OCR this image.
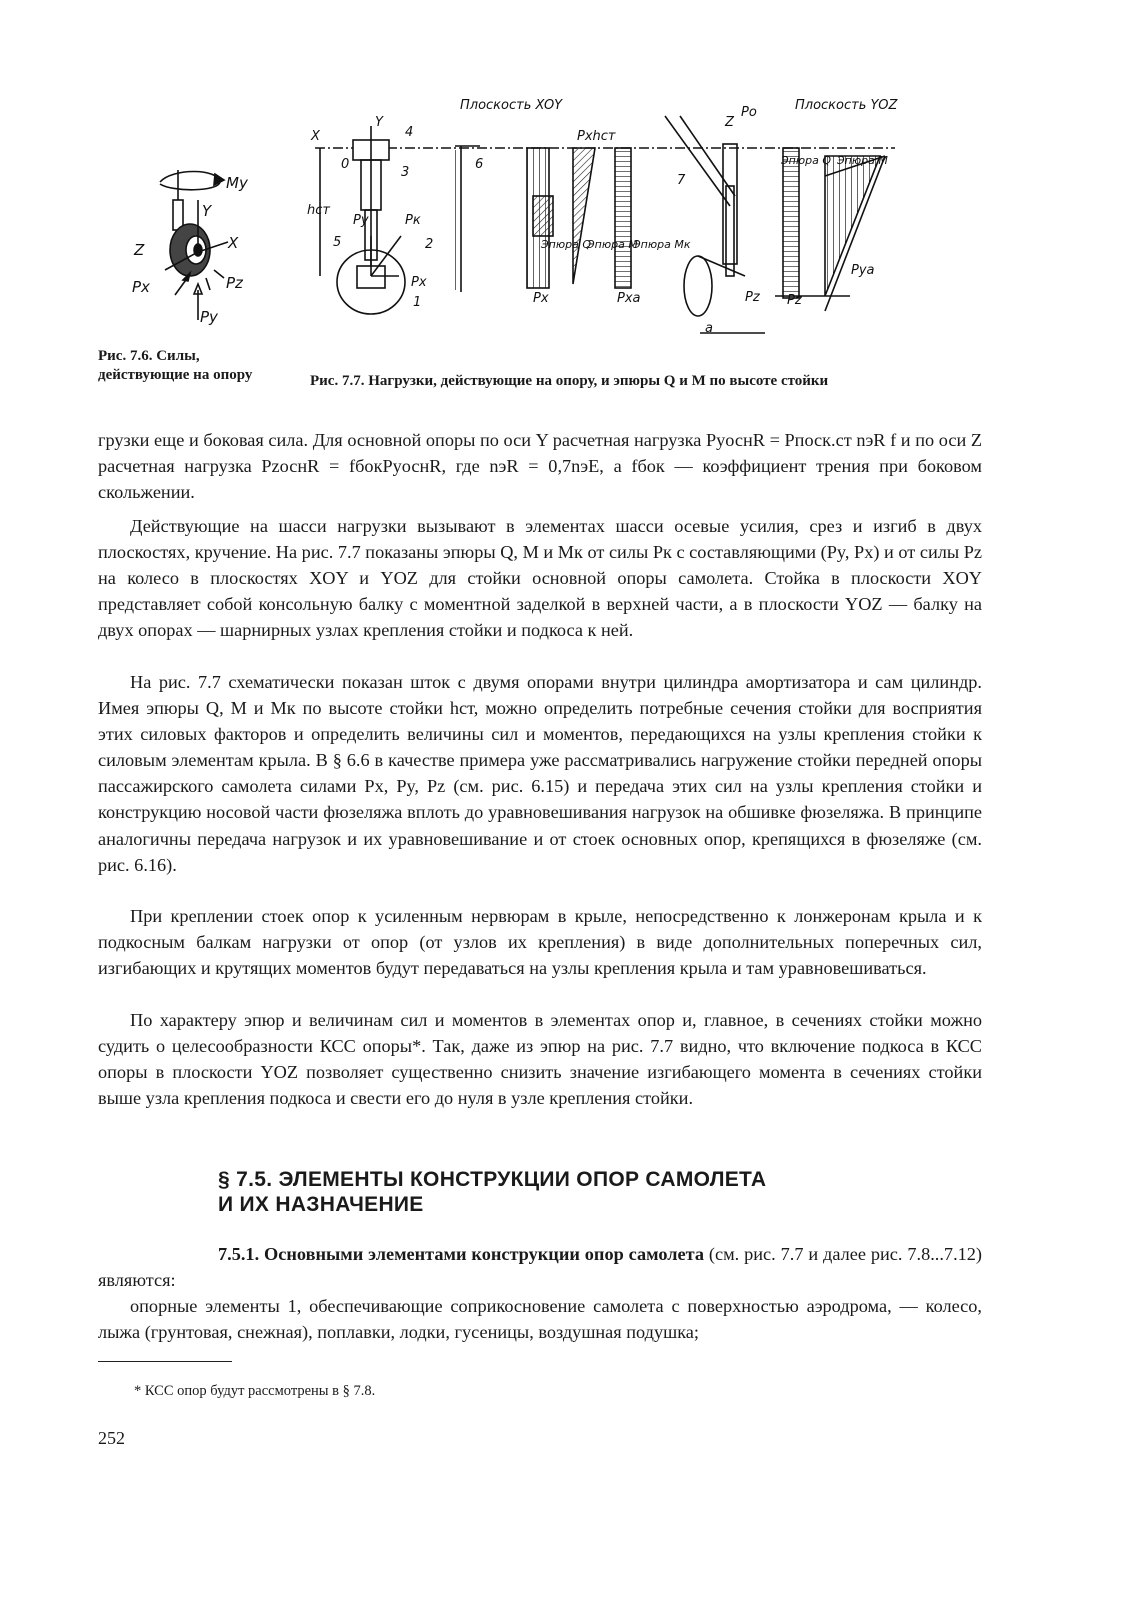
My
Y
Z	X
Px	Pz
Py
Рис. 7.6. Силы, действующие на опору
Плоскость XOY	Плоскость YOZ
X
Y	Z
0
hст
Pxhст
1
2
3
4
5
6
7
Py	Pк
Px
Pz
Po
a
Эпюра Q
Эпюра M
Эпюра Mк
Эпюра Q Эпюра M
Pxa
Pya
Pz
Px
Рис. 7.7. Нагрузки, действующие на опору, и эпюры Q и M по высоте стойки
грузки еще и боковая сила. Для основной опоры по оси Y расчетная нагрузка PyоснR = Pпоск.ст nэR f и по оси Z расчетная нагрузка PzоснR = fбокPyоснR, где nэR = 0,7nэE, а fбок — коэффициент трения при боковом скольжении.
Действующие на шасси нагрузки вызывают в элементах шасси осевые усилия, срез и изгиб в двух плоскостях, кручение. На рис. 7.7 показаны эпюры Q, M и Mк от силы Pк с составляющими (Py, Px) и от силы Pz на колесо в плоскостях XOY и YOZ для стойки основной опоры самолета. Стойка в плоскости XOY представляет собой консольную балку с моментной заделкой в верхней части, а в плоскости YOZ — балку на двух опорах — шарнирных узлах крепления стойки и подкоса к ней.
На рис. 7.7 схематически показан шток с двумя опорами внутри цилиндра амортизатора и сам цилиндр. Имея эпюры Q, M и Mк по высоте стойки hст, можно определить потребные сечения стойки для восприятия этих силовых факторов и определить величины сил и моментов, передающихся на узлы крепления стойки к силовым элементам крыла. В § 6.6 в качестве примера уже рассматривались нагружение стойки передней опоры пассажирского самолета силами Px, Py, Pz (см. рис. 6.15) и передача этих сил на узлы крепления стойки и конструкцию носовой части фюзеляжа вплоть до уравновешивания нагрузок на обшивке фюзеляжа. В принципе аналогичны передача нагрузок и их уравновешивание и от стоек основных опор, крепящихся в фюзеляже (см. рис. 6.16).
При креплении стоек опор к усиленным нервюрам в крыле, непосредственно к лонжеронам крыла и к подкосным балкам нагрузки от опор (от узлов их крепления) в виде дополнительных поперечных сил, изгибающих и крутящих моментов будут передаваться на узлы крепления крыла и там уравновешиваться.
По характеру эпюр и величинам сил и моментов в элементах опор и, главное, в сечениях стойки можно судить о целесообразности КСС опоры*. Так, даже из эпюр на рис. 7.7 видно, что включение подкоса в КСС опоры в плоскости YOZ позволяет существенно снизить значение изгибающего момента в сечениях стойки выше узла крепления подкоса и свести его до нуля в узле крепления стойки.
§ 7.5. ЭЛЕМЕНТЫ КОНСТРУКЦИИ ОПОР САМОЛЕТА
И ИХ НАЗНАЧЕНИЕ
7.5.1. Основными элементами конструкции опор самолета (см. рис. 7.7 и далее рис. 7.8...7.12) являются:
опорные элементы 1, обеспечивающие соприкосновение самолета с поверхностью аэродрома, — колесо, лыжа (грунтовая, снежная), поплавки, лодки, гусеницы, воздушная подушка;
* КСС опор будут рассмотрены в § 7.8.
252
